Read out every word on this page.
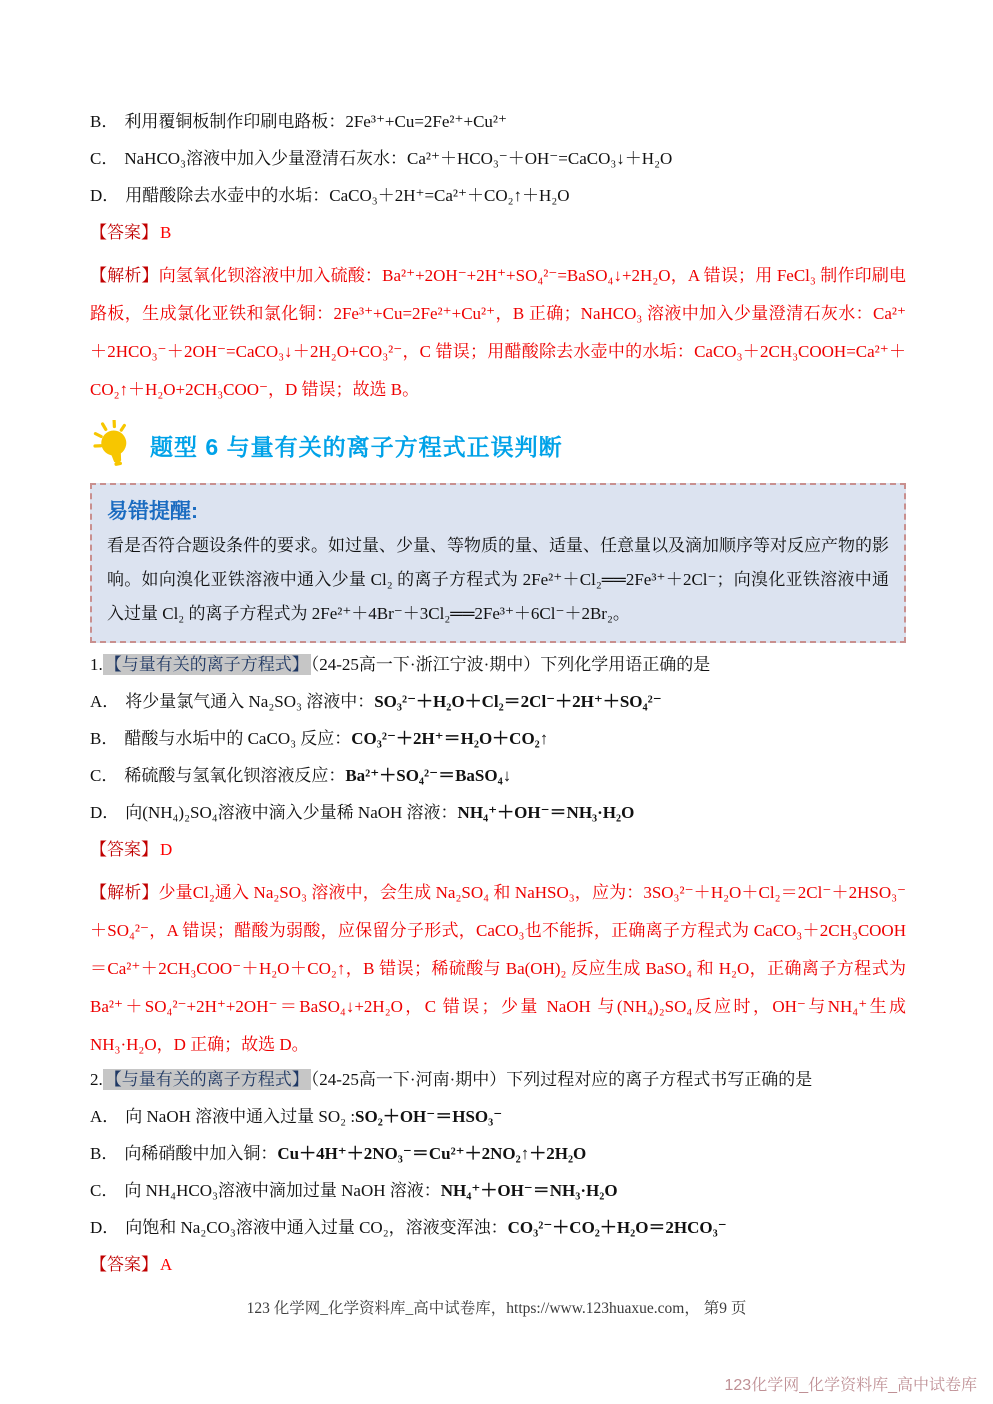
B． 利用覆铜板制作印刷电路板：2Fe³⁺+Cu=2Fe²⁺+Cu²⁺
C． NaHCO₃溶液中加入少量澄清石灰水：Ca²⁺＋HCO₃⁻＋OH⁻=CaCO₃↓＋H₂O
D． 用醋酸除去水壶中的水垢：CaCO₃＋2H⁺=Ca²⁺＋CO₂↑＋H₂O
【答案】 B

【解析】向氢氧化钡溶液中加入硫酸：Ba²⁺+2OH⁻+2H⁺+SO₄²⁻=BaSO₄↓+2H₂O，A 错误；用 FeCl₃ 制作印刷电路板，生成氯化亚铁和氯化铜：2Fe³⁺+Cu=2Fe²⁺+Cu²⁺，B 正确；NaHCO₃ 溶液中加入少量澄清石灰水：Ca²⁺＋2HCO₃⁻＋2OH⁻=CaCO₃↓＋2H₂O+CO₃²⁻，C 错误；用醋酸除去水壶中的水垢：CaCO₃＋2CH₃COOH=Ca²⁺＋CO₂↑＋H₂O+2CH₃COO⁻，D 错误；故选 B。

题型 6 与量有关的离子方程式正误判断
易错提醒:
看是否符合题设条件的要求。如过量、少量、等物质的量、适量、任意量以及滴加顺序等对反应产物的影响。如向溴化亚铁溶液中通入少量 Cl₂ 的离子方程式为 2Fe²⁺＋Cl₂══2Fe³⁺＋2Cl⁻；向溴化亚铁溶液中通入过量 Cl₂ 的离子方程式为 2Fe²⁺＋4Br⁻＋3Cl₂══2Fe³⁺＋6Cl⁻＋2Br₂。
1. 【与量有关的离子方程式】 （24-25高一下·浙江宁波·期中）下列化学用语正确的是
A． 将少量氯气通入 Na₂SO₃ 溶液中：SO₃²⁻＋H₂O＋Cl₂＝2Cl⁻＋2H⁺＋SO₄²⁻
B． 醋酸与水垢中的 CaCO₃ 反应：CO₃²⁻＋2H⁺＝H₂O＋CO₂↑
C． 稀硫酸与氢氧化钡溶液反应：Ba²⁺＋SO₄²⁻＝BaSO₄↓
D． 向(NH₄)₂SO₄溶液中滴入少量稀 NaOH 溶液：NH₄⁺＋OH⁻＝NH₃·H₂O
【答案】 D

【解析】少量Cl₂通入 Na₂SO₃ 溶液中，会生成 Na₂SO₄ 和 NaHSO₃，应为：3SO₃²⁻＋H₂O＋Cl₂＝2Cl⁻＋2HSO₃⁻＋SO₄²⁻，A 错误；醋酸为弱酸，应保留分子形式，CaCO₃也不能拆，正确离子方程式为 CaCO₃＋2CH₃COOH＝Ca²⁺＋2CH₃COO⁻＋H₂O＋CO₂↑，B 错误；稀硫酸与 Ba(OH)₂ 反应生成 BaSO₄ 和 H₂O，正确离子方程式为 Ba²⁺＋SO₄²⁻+2H⁺+2OH⁻＝BaSO₄↓+2H₂O，C 错误；少量 NaOH 与(NH₄)₂SO₄反应时，OH⁻与NH₄⁺生成NH₃·H₂O，D 正确；故选 D。

2. 【与量有关的离子方程式】 （24-25高一下·河南·期中）下列过程对应的离子方程式书写正确的是
A． 向 NaOH 溶液中通入过量 SO₂ :SO₂＋OH⁻＝HSO₃⁻
B． 向稀硝酸中加入铜：Cu＋4H⁺＋2NO₃⁻＝Cu²⁺＋2NO₂↑＋2H₂O
C． 向 NH₄HCO₃溶液中滴加过量 NaOH 溶液：NH₄⁺＋OH⁻＝NH₃·H₂O
D． 向饱和 Na₂CO₃溶液中通入过量 CO₂，溶液变浑浊：CO₃²⁻＋CO₂＋H₂O＝2HCO₃⁻
【答案】 A
123 化学网_化学资料库_高中试卷库，https://www.123huaxue.com， 第9 页
123化学网_化学资料库_高中试卷库
